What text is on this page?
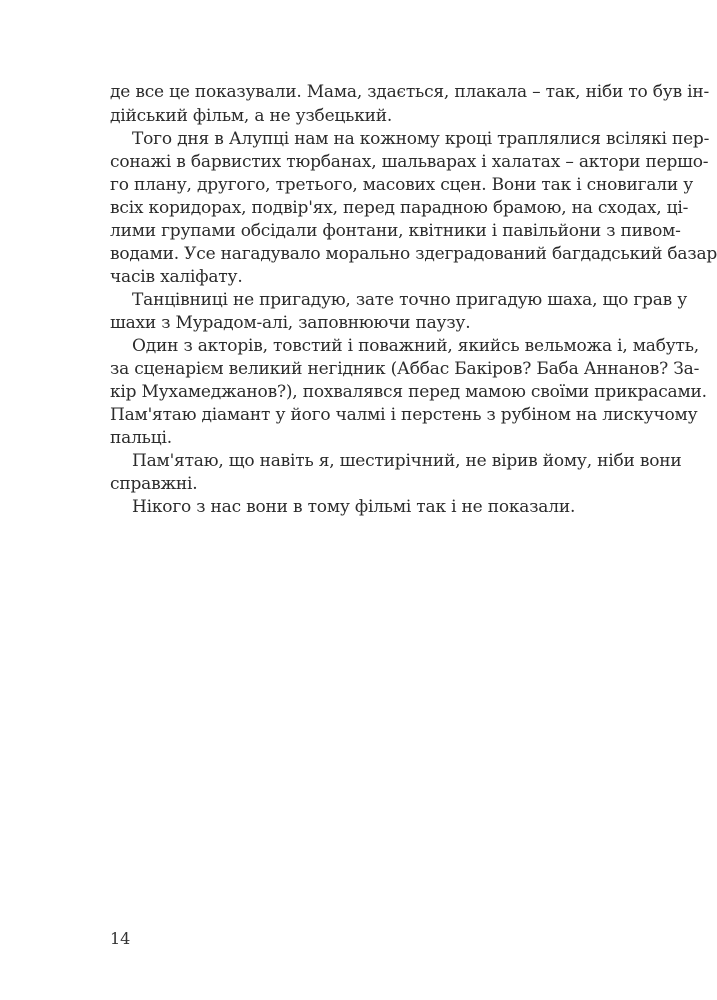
де все це показували. Мама, здається, плакала – так, ніби то був ін-
дійський фільм, а не узбецький.
Того дня в Алупці нам на кожному кроці траплялися всілякі пер-
сонажі в барвистих тюрбанах, шальварах і халатах – актори першо-
го плану, другого, третього, масових сцен. Вони так і сновигали у
всіх коридорах, подвір'ях, перед парадною брамою, на сходах, ці-
лими групами обсідали фонтани, квітники і павільйони з пивом-
водами. Усе нагадувало морально здеградований багдадський базар
часів халіфату.
Танцівниці не пригадую, зате точно пригадую шаха, що грав у
шахи з Мурадом-алі, заповнюючи паузу.
Один з акторів, товстий і поважний, якийсь вельможа і, мабуть,
за сценарієм великий негідник (Аббас Бакіров? Баба Аннанов? За-
кір Мухамеджанов?), похвалявся перед мамою своїми прикрасами.
Пам'ятаю діамант у його чалмі і перстень з рубіном на лискучому
пальці.
Пам'ятаю, що навіть я, шестирічний, не вірив йому, ніби вони
справжні.
Нікого з нас вони в тому фільмі так і не показали.
14
